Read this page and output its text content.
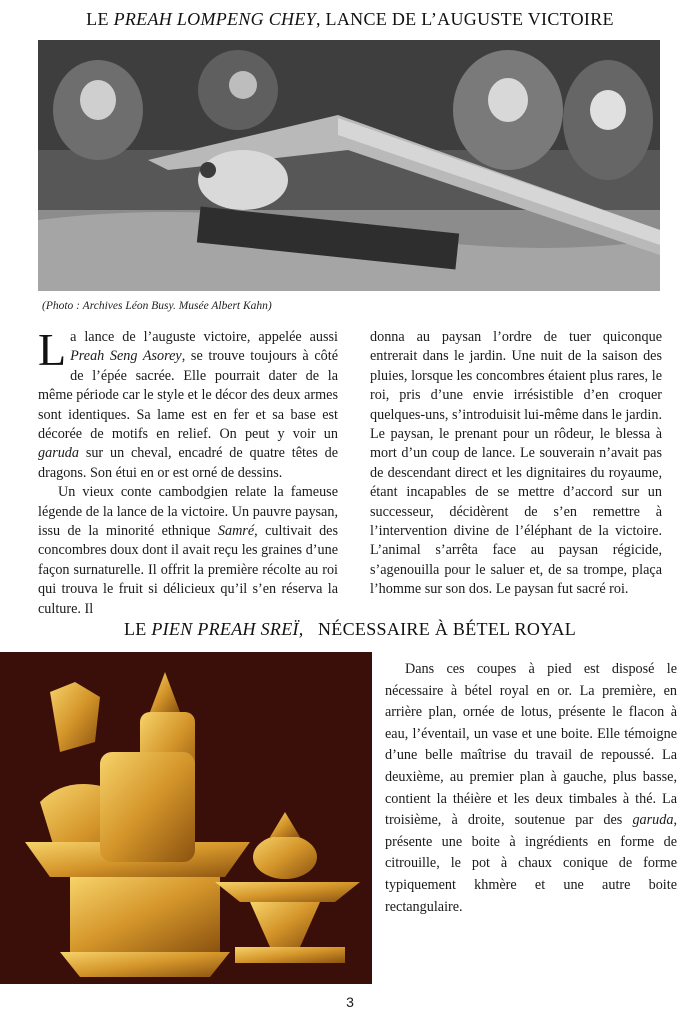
LE PREAH LOMPENG CHEY, LANCE DE L’AUGUSTE VICTOIRE
(Photo : Archives Léon Busy. Musée Albert Kahn)

La lance de l’auguste victoire, appelée aussi Preah Seng Asorey, se trouve toujours à côté de l’épée sacrée. Elle pourrait dater de la même période car le style et le décor des deux armes sont identiques. Sa lame est en fer et sa base est décorée de motifs en relief. On peut y voir un garuda sur un cheval, encadré de quatre têtes de dragons. Son étui en or est orné de dessins.

Un vieux conte cambodgien relate la fameuse légende de la lance de la victoire. Un pauvre paysan, issu de la minorité ethnique Samré, cultivait des concombres doux dont il avait reçu les graines d’une façon surnaturelle. Il offrit la première récolte au roi qui trouva le fruit si délicieux qu’il s’en réserva la culture. Il

donna au paysan l’ordre de tuer quiconque entrerait dans le jardin. Une nuit de la saison des pluies, lorsque les concombres étaient plus rares, le roi, pris d’une envie irrésistible d’en croquer quelques-uns, s’introduisit lui-même dans le jardin. Le paysan, le prenant pour un rôdeur, le blessa à mort d’un coup de lance. Le souverain n’avait pas de descendant direct et les dignitaires du royaume, étant incapables de se mettre d’accord sur un successeur, décidèrent de s’en remettre à l’intervention divine de l’éléphant de la victoire. L’animal s’arrêta face au paysan régicide, s’agenouilla pour le saluer et, de sa trompe, plaça l’homme sur son dos. Le paysan fut sacré roi.

LE PIEN PREAH SREÏ,   NÉCESSAIRE À BÉTEL ROYAL

Dans ces coupes à pied est disposé le nécessaire à bétel royal en or. La première, en arrière plan, ornée de lotus, présente le flacon à eau, l’éventail, un vase et une boite. Elle témoigne d’une belle maîtrise du travail de repoussé. La deuxième, au premier plan à gauche, plus basse, contient la théière et les deux timbales à thé. La troisième, à droite, soutenue par des garuda, présente une boite à ingrédients en forme de citrouille, le pot à chaux conique de forme typiquement khmère et une autre boite rectangulaire.

3
